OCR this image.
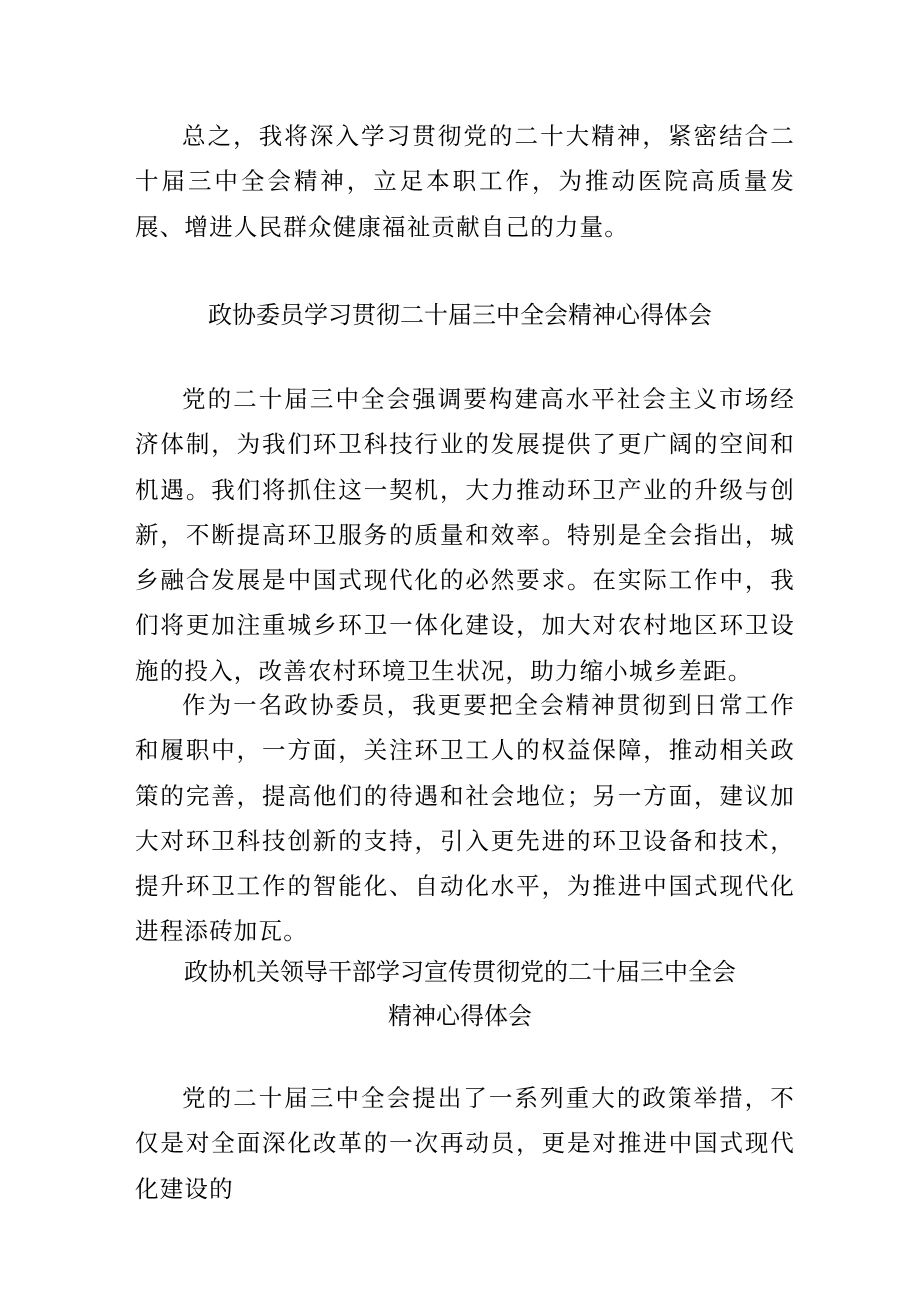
总之，我将深入学习贯彻党的二十大精神，紧密结合二十届三中全会精神，立足本职工作，为推动医院高质量发展、增进人民群众健康福祉贡献自己的力量。

政协委员学习贯彻二十届三中全会精神心得体会

党的二十届三中全会强调要构建高水平社会主义市场经济体制，为我们环卫科技行业的发展提供了更广阔的空间和机遇。我们将抓住这一契机，大力推动环卫产业的升级与创新，不断提高环卫服务的质量和效率。特别是全会指出，城乡融合发展是中国式现代化的必然要求。在实际工作中，我们将更加注重城乡环卫一体化建设，加大对农村地区环卫设施的投入，改善农村环境卫生状况，助力缩小城乡差距。

作为一名政协委员，我更要把全会精神贯彻到日常工作和履职中，一方面，关注环卫工人的权益保障，推动相关政策的完善，提高他们的待遇和社会地位；另一方面，建议加大对环卫科技创新的支持，引入更先进的环卫设备和技术，提升环卫工作的智能化、自动化水平，为推进中国式现代化进程添砖加瓦。

政协机关领导干部学习宣传贯彻党的二十届三中全会
精神心得体会

党的二十届三中全会提出了一系列重大的政策举措，不仅是对全面深化改革的一次再动员，更是对推进中国式现代化建设的
